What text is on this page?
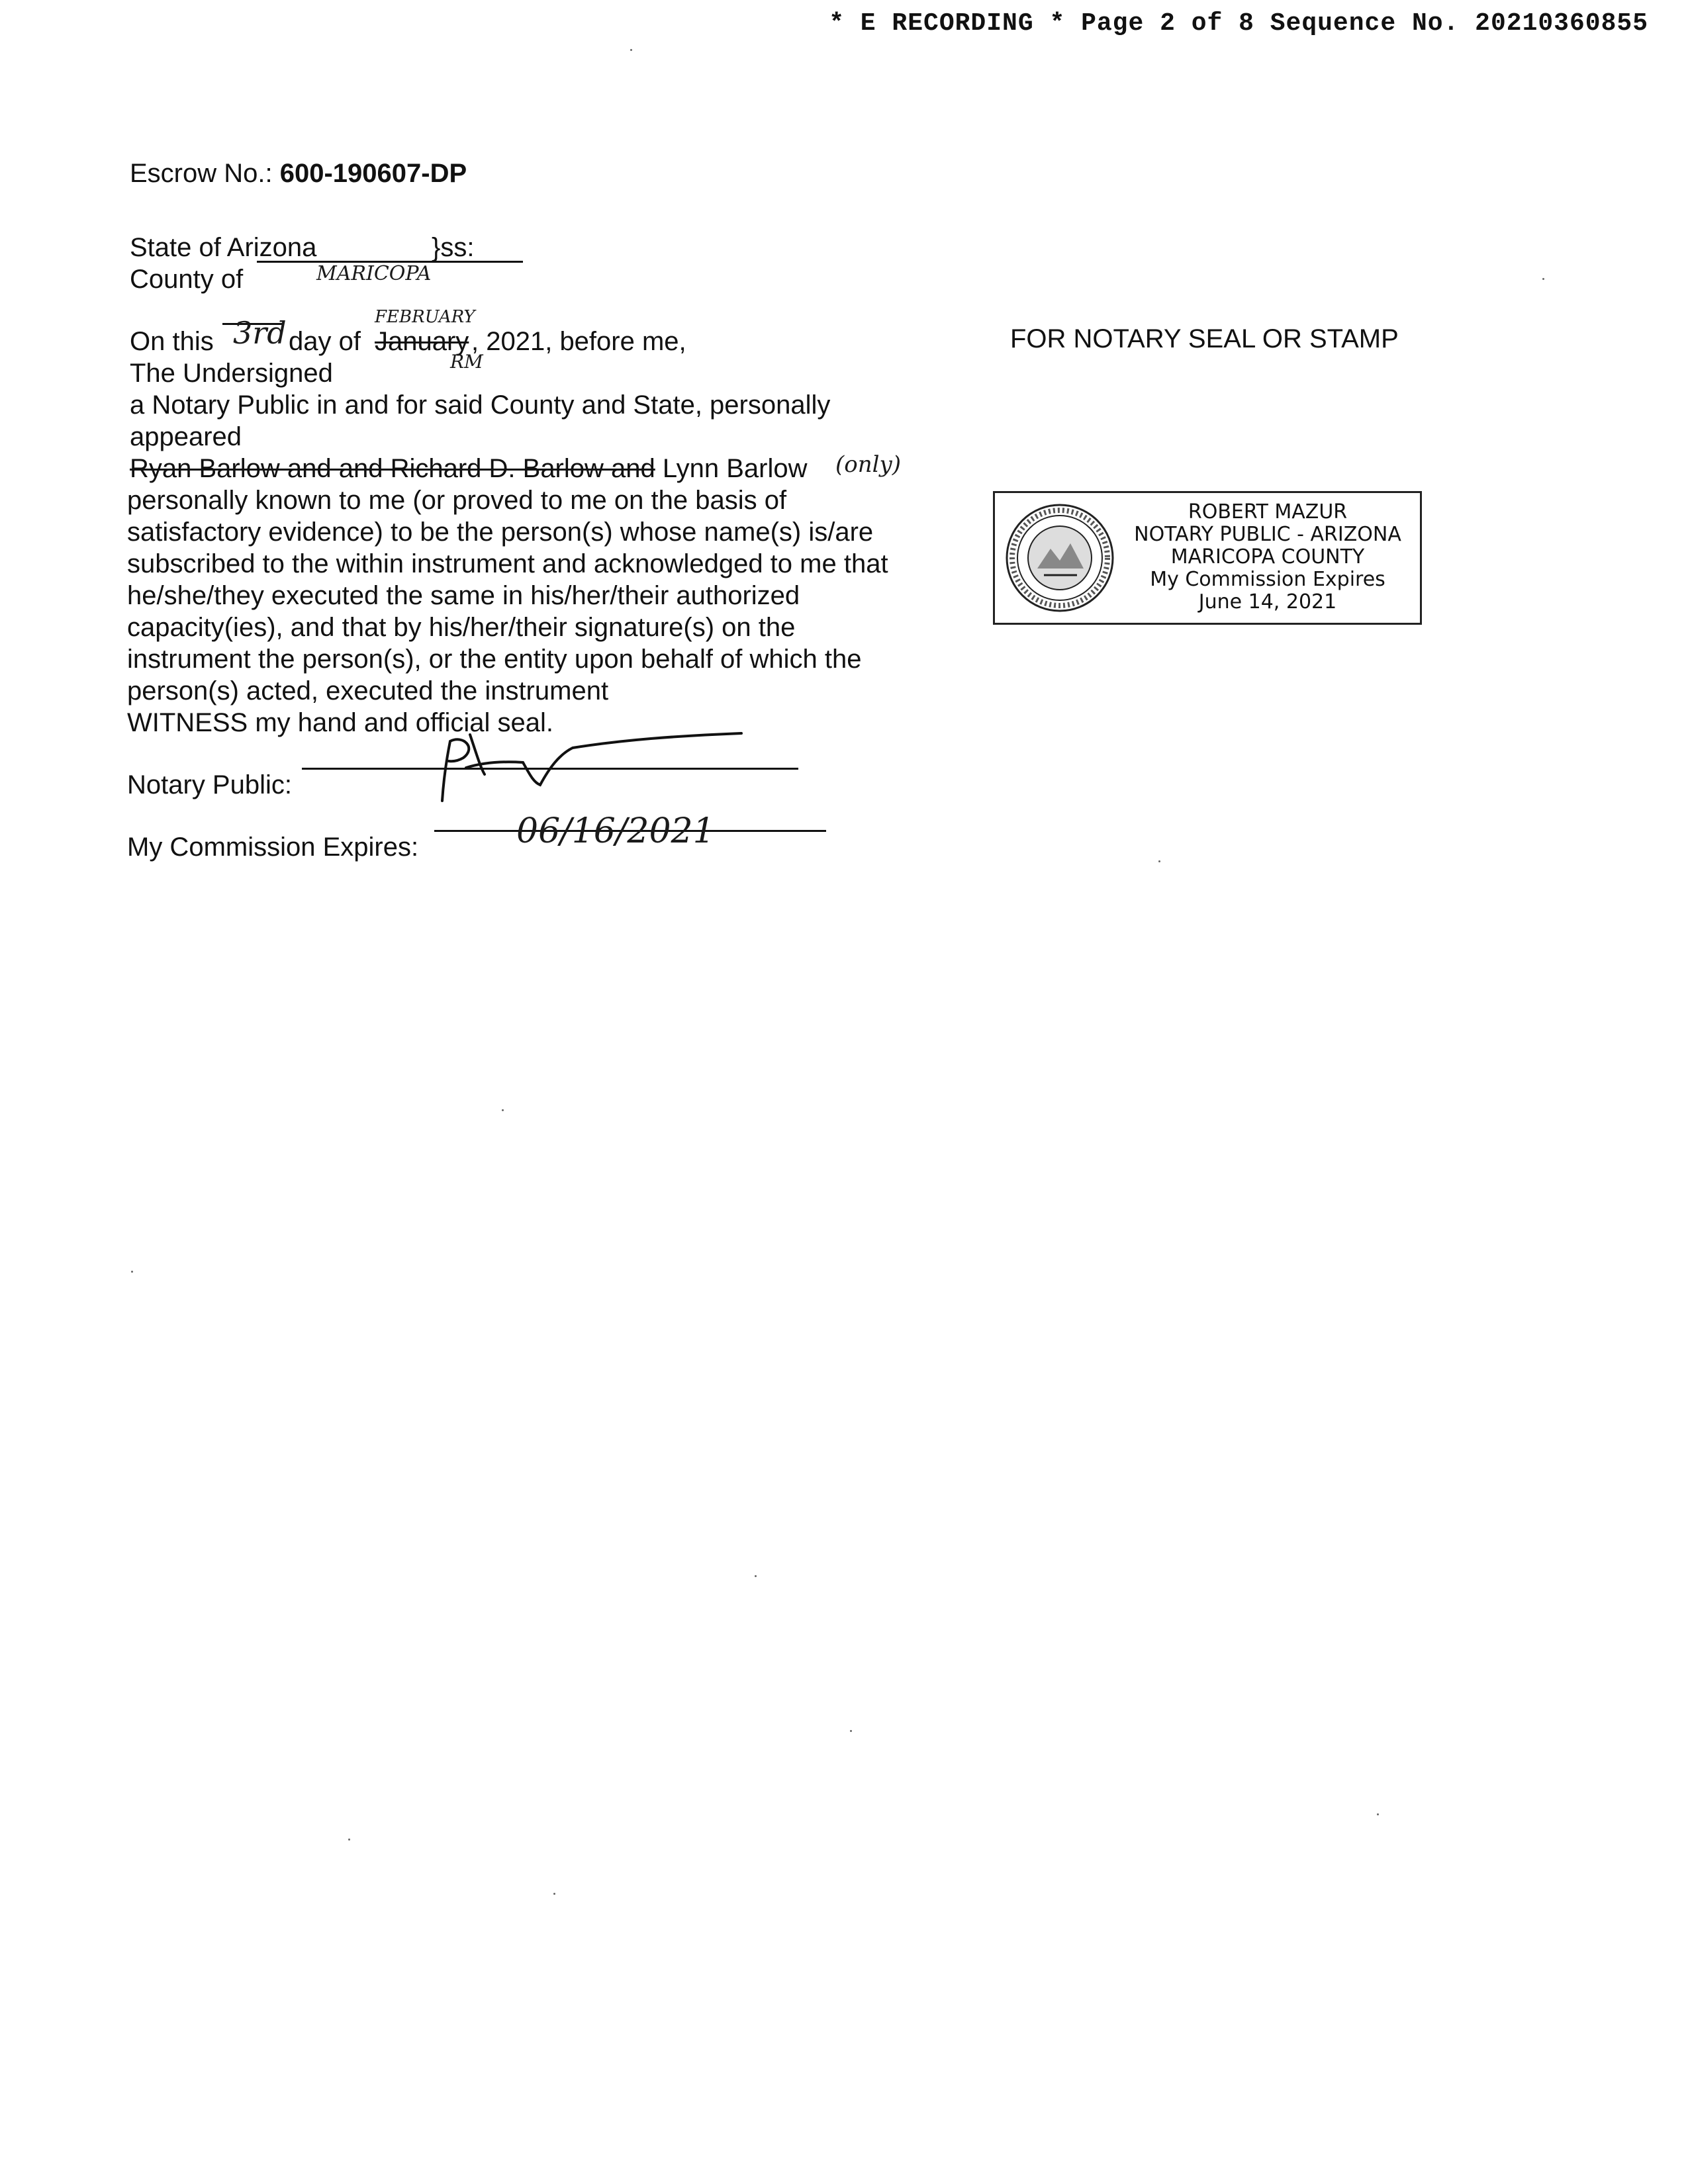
* E RECORDING * Page 2 of 8 Sequence No. 20210360855
Escrow No.: 600-190607-DP
State of Arizona	}ss:
County of	MARICOPA
On this 3rd day of January
FEBRUARY
, 2021, before me,
The Undersigned	RM
a Notary Public in and for said County and State, personally
appeared
Ryan Barlow and and Richard D. Barlow and Lynn Barlow (only)
personally known to me (or proved to me on the basis of
satisfactory evidence) to be the person(s) whose name(s) is/are
subscribed to the within instrument and acknowledged to me that
he/she/they executed the same in his/her/their authorized
capacity(ies), and that by his/her/their signature(s) on the
instrument the person(s), or the entity upon behalf of which the
person(s) acted, executed the instrument
WITNESS my hand and official seal.
Notary Public:
My Commission Expires:	06/16/2021
FOR NOTARY SEAL OR STAMP
ROBERT MAZUR
NOTARY PUBLIC - ARIZONA
MARICOPA COUNTY
My Commission Expires
June 14, 2021
